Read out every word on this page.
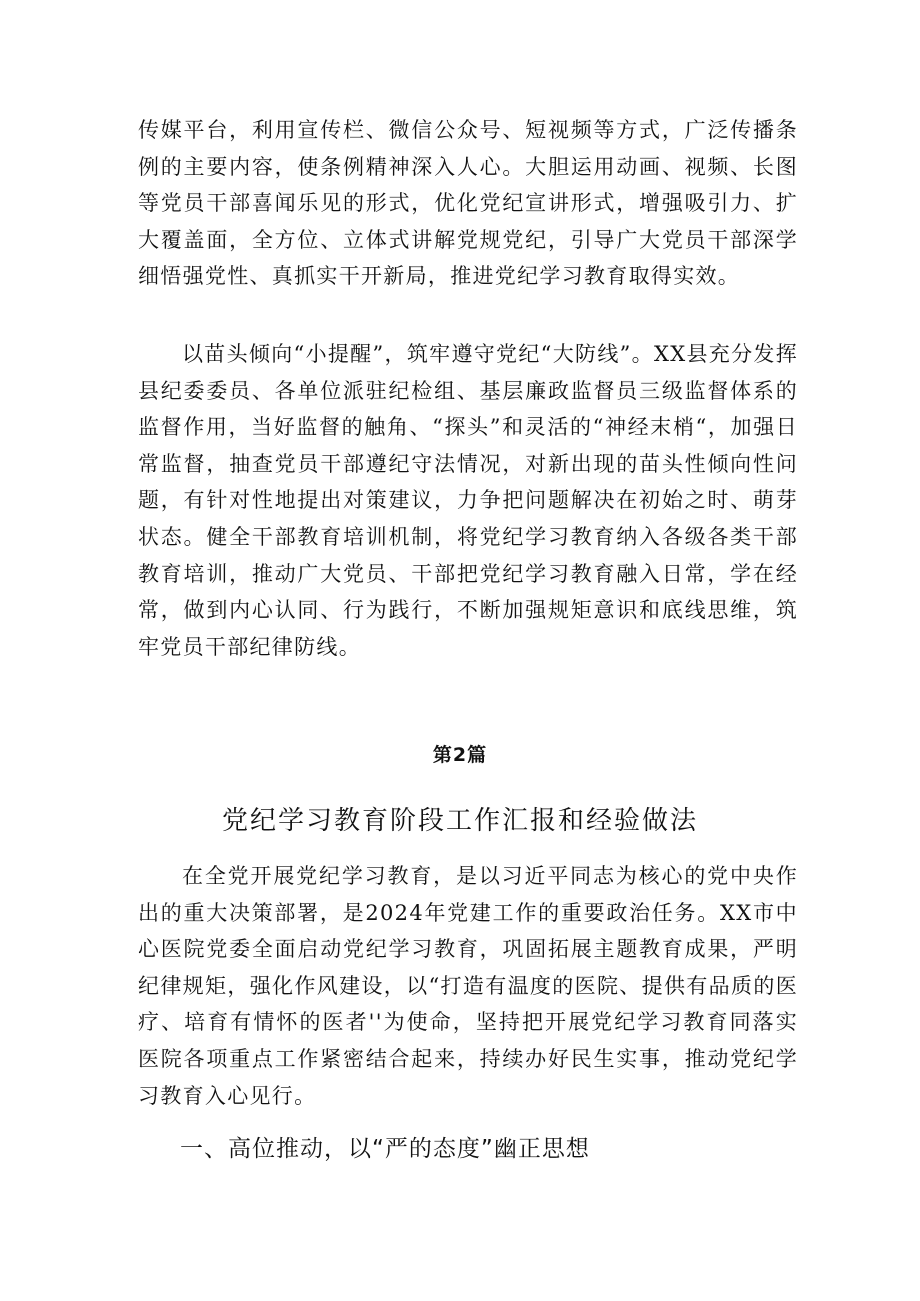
传媒平台，利用宣传栏、微信公众号、短视频等方式，广泛传播条例的主要内容，使条例精神深入人心。大胆运用动画、视频、长图等党员干部喜闻乐见的形式，优化党纪宣讲形式，增强吸引力、扩大覆盖面，全方位、立体式讲解党规党纪，引导广大党员干部深学细悟强党性、真抓实干开新局，推进党纪学习教育取得实效。

以苗头倾向“小提醒”，筑牢遵守党纪“大防线”。XX县充分发挥县纪委委员、各单位派驻纪检组、基层廉政监督员三级监督体系的监督作用，当好监督的触角、“探头”和灵活的“神经末梢“，加强日常监督，抽查党员干部遵纪守法情况，对新出现的苗头性倾向性问题，有针对性地提出对策建议，力争把问题解决在初始之时、萌芽状态。健全干部教育培训机制，将党纪学习教育纳入各级各类干部教育培训，推动广大党员、干部把党纪学习教育融入日常，学在经常，做到内心认同、行为践行，不断加强规矩意识和底线思维，筑牢党员干部纪律防线。

第2篇
党纪学习教育阶段工作汇报和经验做法

在全党开展党纪学习教育，是以习近平同志为核心的党中央作出的重大决策部署，是2024年党建工作的重要政治任务。XX市中心医院党委全面启动党纪学习教育，巩固拓展主题教育成果，严明纪律规矩，强化作风建设，以“打造有温度的医院、提供有品质的医疗、培育有情怀的医者''为使命，坚持把开展党纪学习教育同落实医院各项重点工作紧密结合起来，持续办好民生实事，推动党纪学习教育入心见行。

一、高位推动，以“严的态度”幽正思想
